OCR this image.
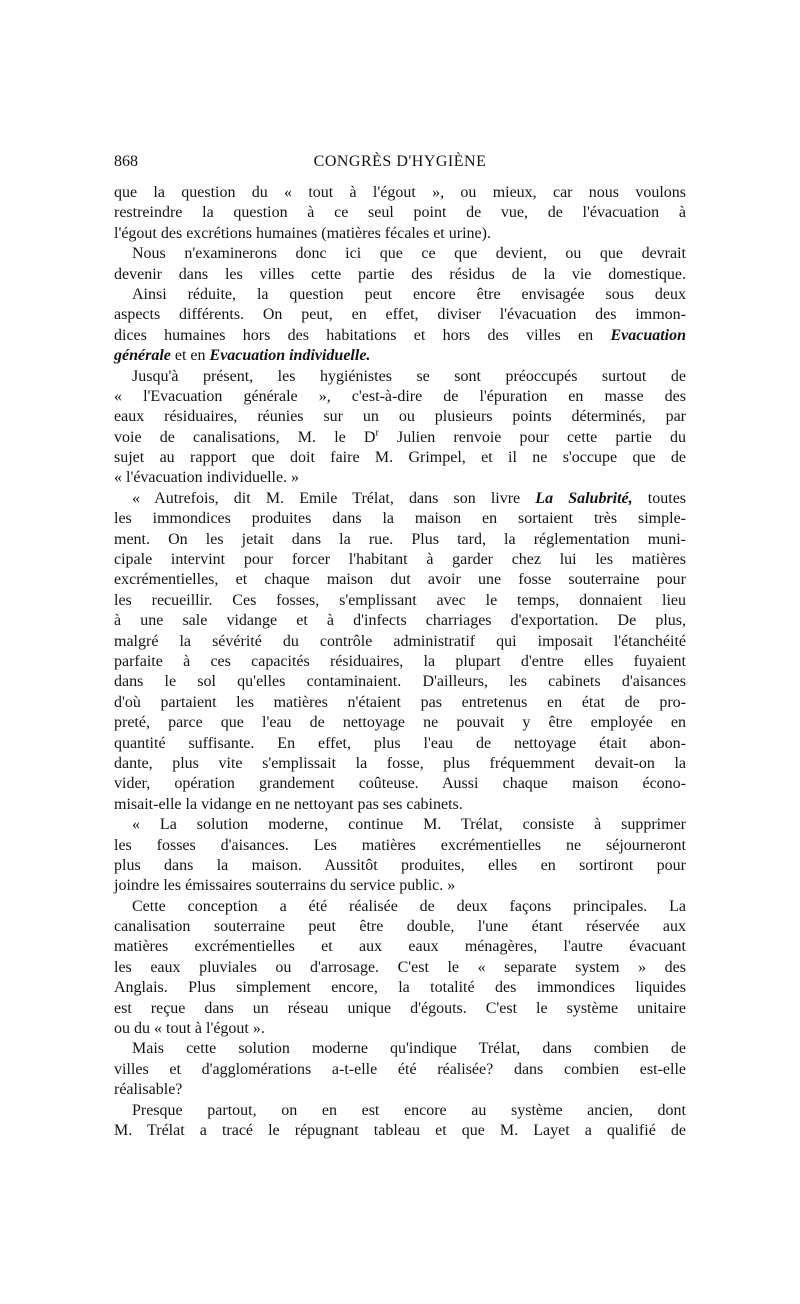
868	CONGRÈS D'HYGIÈNE
que la question du « tout à l'égout », ou mieux, car nous voulons
restreindre la question à ce seul point de vue, de l'évacuation à
l'égout des excrétions humaines (matières fécales et urine).
Nous n'examinerons donc ici que ce que devient, ou que devrait
devenir dans les villes cette partie des résidus de la vie domestique.
Ainsi réduite, la question peut encore être envisagée sous deux
aspects différents. On peut, en effet, diviser l'évacuation des immon-
dices humaines hors des habitations et hors des villes en Evacuation
générale et en Evacuation individuelle.
Jusqu'à présent, les hygiénistes se sont préoccupés surtout de
« l'Evacuation générale », c'est-à-dire de l'épuration en masse des
eaux résiduaires, réunies sur un ou plusieurs points déterminés, par
voie de canalisations, M. le $D^r$ Julien renvoie pour cette partie du
sujet au rapport que doit faire M. Grimpel, et il ne s'occupe que de
« l'évacuation individuelle. »
« Autrefois, dit M. Emile Trélat, dans son livre La Salubrité, toutes
les immondices produites dans la maison en sortaient très simple-
ment. On les jetait dans la rue. Plus tard, la réglementation muni-
cipale intervint pour forcer l'habitant à garder chez lui les matières
excrémentielles, et chaque maison dut avoir une fosse souterraine pour
les recueillir. Ces fosses, s'emplissant avec le temps, donnaient lieu
à une sale vidange et à d'infects charriages d'exportation. De plus,
malgré la sévérité du contrôle administratif qui imposait l'étanchéité
parfaite à ces capacités résiduaires, la plupart d'entre elles fuyaient
dans le sol qu'elles contaminaient. D'ailleurs, les cabinets d'aisances
d'où partaient les matières n'étaient pas entretenus en état de pro-
preté, parce que l'eau de nettoyage ne pouvait y être employée en
quantité suffisante. En effet, plus l'eau de nettoyage était abon-
dante, plus vite s'emplissait la fosse, plus fréquemment devait-on la
vider, opération grandement coûteuse. Aussi chaque maison écono-
misait-elle la vidange en ne nettoyant pas ses cabinets.
« La solution moderne, continue M. Trélat, consiste à supprimer
les fosses d'aisances. Les matières excrémentielles ne séjourneront
plus dans la maison. Aussitôt produites, elles en sortiront pour
joindre les émissaires souterrains du service public. »
Cette conception a été réalisée de deux façons principales. La
canalisation souterraine peut être double, l'une étant réservée aux
matières excrémentielles et aux eaux ménagères, l'autre évacuant
les eaux pluviales ou d'arrosage. C'est le « separate system » des
Anglais. Plus simplement encore, la totalité des immondices liquides
est reçue dans un réseau unique d'égouts. C'est le système unitaire
ou du « tout à l'égout ».
Mais cette solution moderne qu'indique Trélat, dans combien de
villes et d'agglomérations a-t-elle été réalisée? dans combien est-elle
réalisable?
Presque partout, on en est encore au système ancien, dont
M. Trélat a tracé le répugnant tableau et que M. Layet a qualifié de
